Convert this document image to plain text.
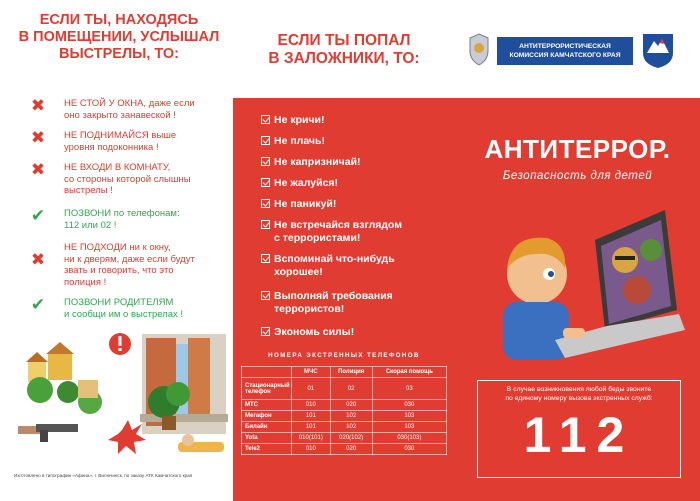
ЕСЛИ ТЫ, НАХОДЯСЬ
В ПОМЕЩЕНИИ, УСЛЫШАЛ
ВЫСТРЕЛЫ, ТО:
✖ НЕ СТОЙ У ОКНА, даже если
оно закрыто занавеской !
✖ НЕ ПОДНИМАЙСЯ выше
уровня подоконника !
✖ НЕ ВХОДИ В КОМНАТУ,
со стороны которой слышны
выстрелы !
✔ ПОЗВОНИ по телефонам:
112 или 02 !
✖
НЕ ПОДХОДИ ни к окну,
ни к дверям, даже если будут
звать и говорить, что это
полиция !
✔ ПОЗВОНИ РОДИТЕЛЯМ
и сообщи им о выстрелах !
Изготовлено в типографии «Афина», г. Вилючинск, по заказу АТК Камчатского края
ЕСЛИ ТЫ ПОПАЛ
В ЗАЛОЖНИКИ, ТО:
Не кричи!
Не плачь!
Не капризничай!
Не жалуйся!
Не паникуй!
Не встречайся взглядом
с террористами!
Вспоминай что-нибудь
хорошее!
Выполняй требования
террористов!
Экономь силы!
НОМЕРА ЭКСТРЕННЫХ ТЕЛЕФОНОВ
	МЧС	Полиция	Скорая помощь
Стационарный телефон	01	02	03
МТС	010	020	030
Мегафон	101	102	103
Билайн	101	102	103
Yota	010(101)	020(102)	030(103)
Tele2	010	020	030
АНТИТЕРРОРИСТИЧЕСКАЯ
КОМИССИЯ КАМЧАТСКОГО КРАЯ
АНТИТЕРРОР.
Безопасность для детей
В случае возникновения любой беды звоните
по единому номеру вызова экстренных служб:
112
